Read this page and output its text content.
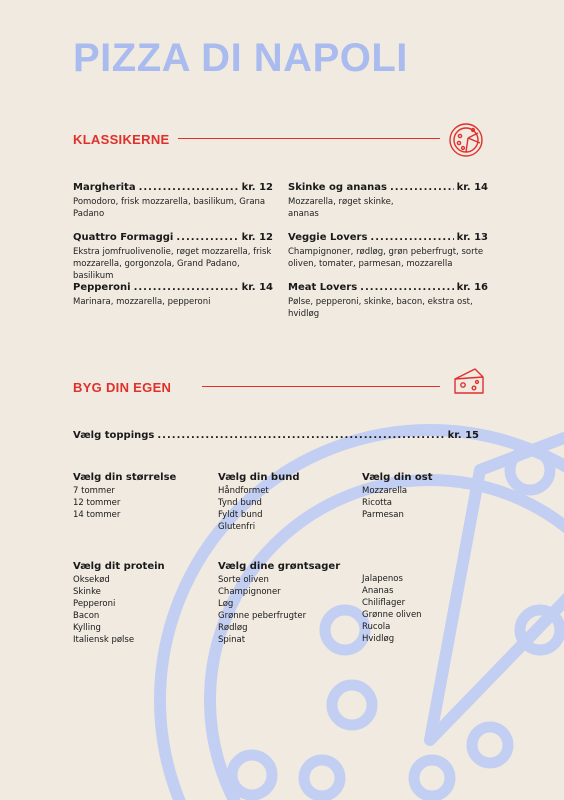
PIZZA DI NAPOLI
KLASSIKERNE
Margherita .....	kr. 12
Pomodoro, frisk mozzarella, basilikum, Grana Padano
Skinke og ananas .....	kr. 14
Mozzarella, røget skinke, ananas
Quattro Formaggi .....	kr. 12
Ekstra jomfruolivenolie, røget mozzarella, frisk mozzarella, gorgonzola, Grand Padano, basilikum
Veggie Lovers .....	kr. 13
Champignoner, rødløg, grøn peberfrugt, sorte oliven, tomater, parmesan, mozzarella
Pepperoni .....	kr. 14
Marinara, mozzarella, pepperoni
Meat Lovers .....	kr. 16
Pølse, pepperoni, skinke, bacon, ekstra ost, hvidløg
BYG DIN EGEN
Vælg toppings .....	kr. 15
Vælg din størrelse
7 tommer
12 tommer
14 tommer
Vælg din bund
Håndformet
Tynd bund
Fyldt bund
Glutenfri
Vælg din ost
Mozzarella
Ricotta
Parmesan
Vælg dit protein
Oksekød
Skinke
Pepperoni
Bacon
Kylling
Italiensk pølse
Vælg dine grøntsager
Sorte oliven
Champignoner
Løg
Grønne peberfrugter
Rødløg
Spinat
Jalapenos
Ananas
Chiliflager
Grønne oliven
Rucola
Hvidløg
